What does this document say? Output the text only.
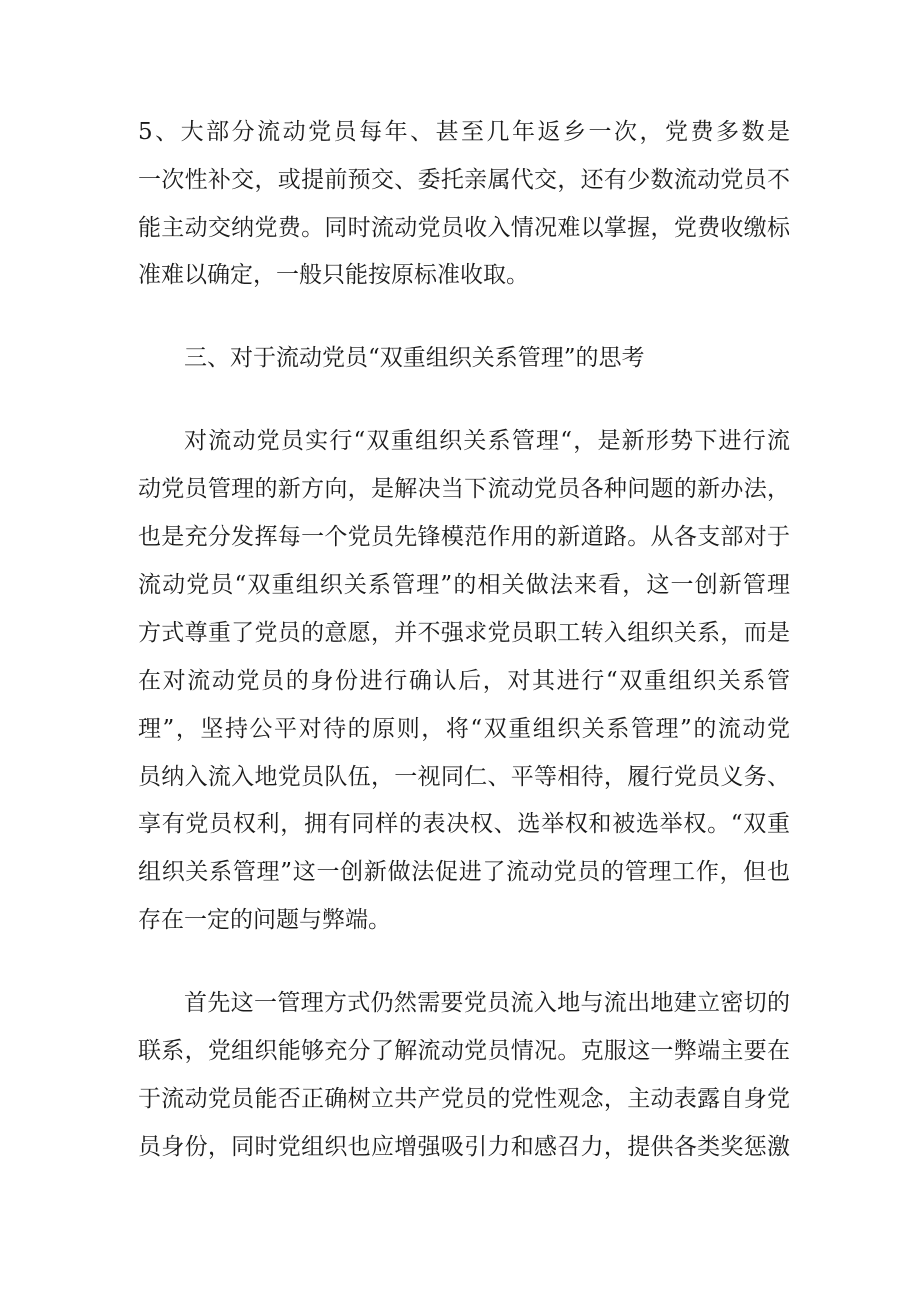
5、大部分流动党员每年、甚至几年返乡一次，党费多数是
一次性补交，或提前预交、委托亲属代交，还有少数流动党员不
能主动交纳党费。同时流动党员收入情况难以掌握，党费收缴标
准难以确定，一般只能按原标准收取。
三、对于流动党员“双重组织关系管理”的思考
对流动党员实行“双重组织关系管理“，是新形势下进行流
动党员管理的新方向，是解决当下流动党员各种问题的新办法，
也是充分发挥每一个党员先锋模范作用的新道路。从各支部对于
流动党员“双重组织关系管理”的相关做法来看，这一创新管理
方式尊重了党员的意愿，并不强求党员职工转入组织关系，而是
在对流动党员的身份进行确认后，对其进行“双重组织关系管
理”，坚持公平对待的原则，将“双重组织关系管理”的流动党
员纳入流入地党员队伍，一视同仁、平等相待，履行党员义务、
享有党员权利，拥有同样的表决权、选举权和被选举权。“双重
组织关系管理”这一创新做法促进了流动党员的管理工作，但也
存在一定的问题与弊端。
首先这一管理方式仍然需要党员流入地与流出地建立密切的
联系，党组织能够充分了解流动党员情况。克服这一弊端主要在
于流动党员能否正确树立共产党员的党性观念，主动表露自身党
员身份，同时党组织也应增强吸引力和感召力，提供各类奖惩激
